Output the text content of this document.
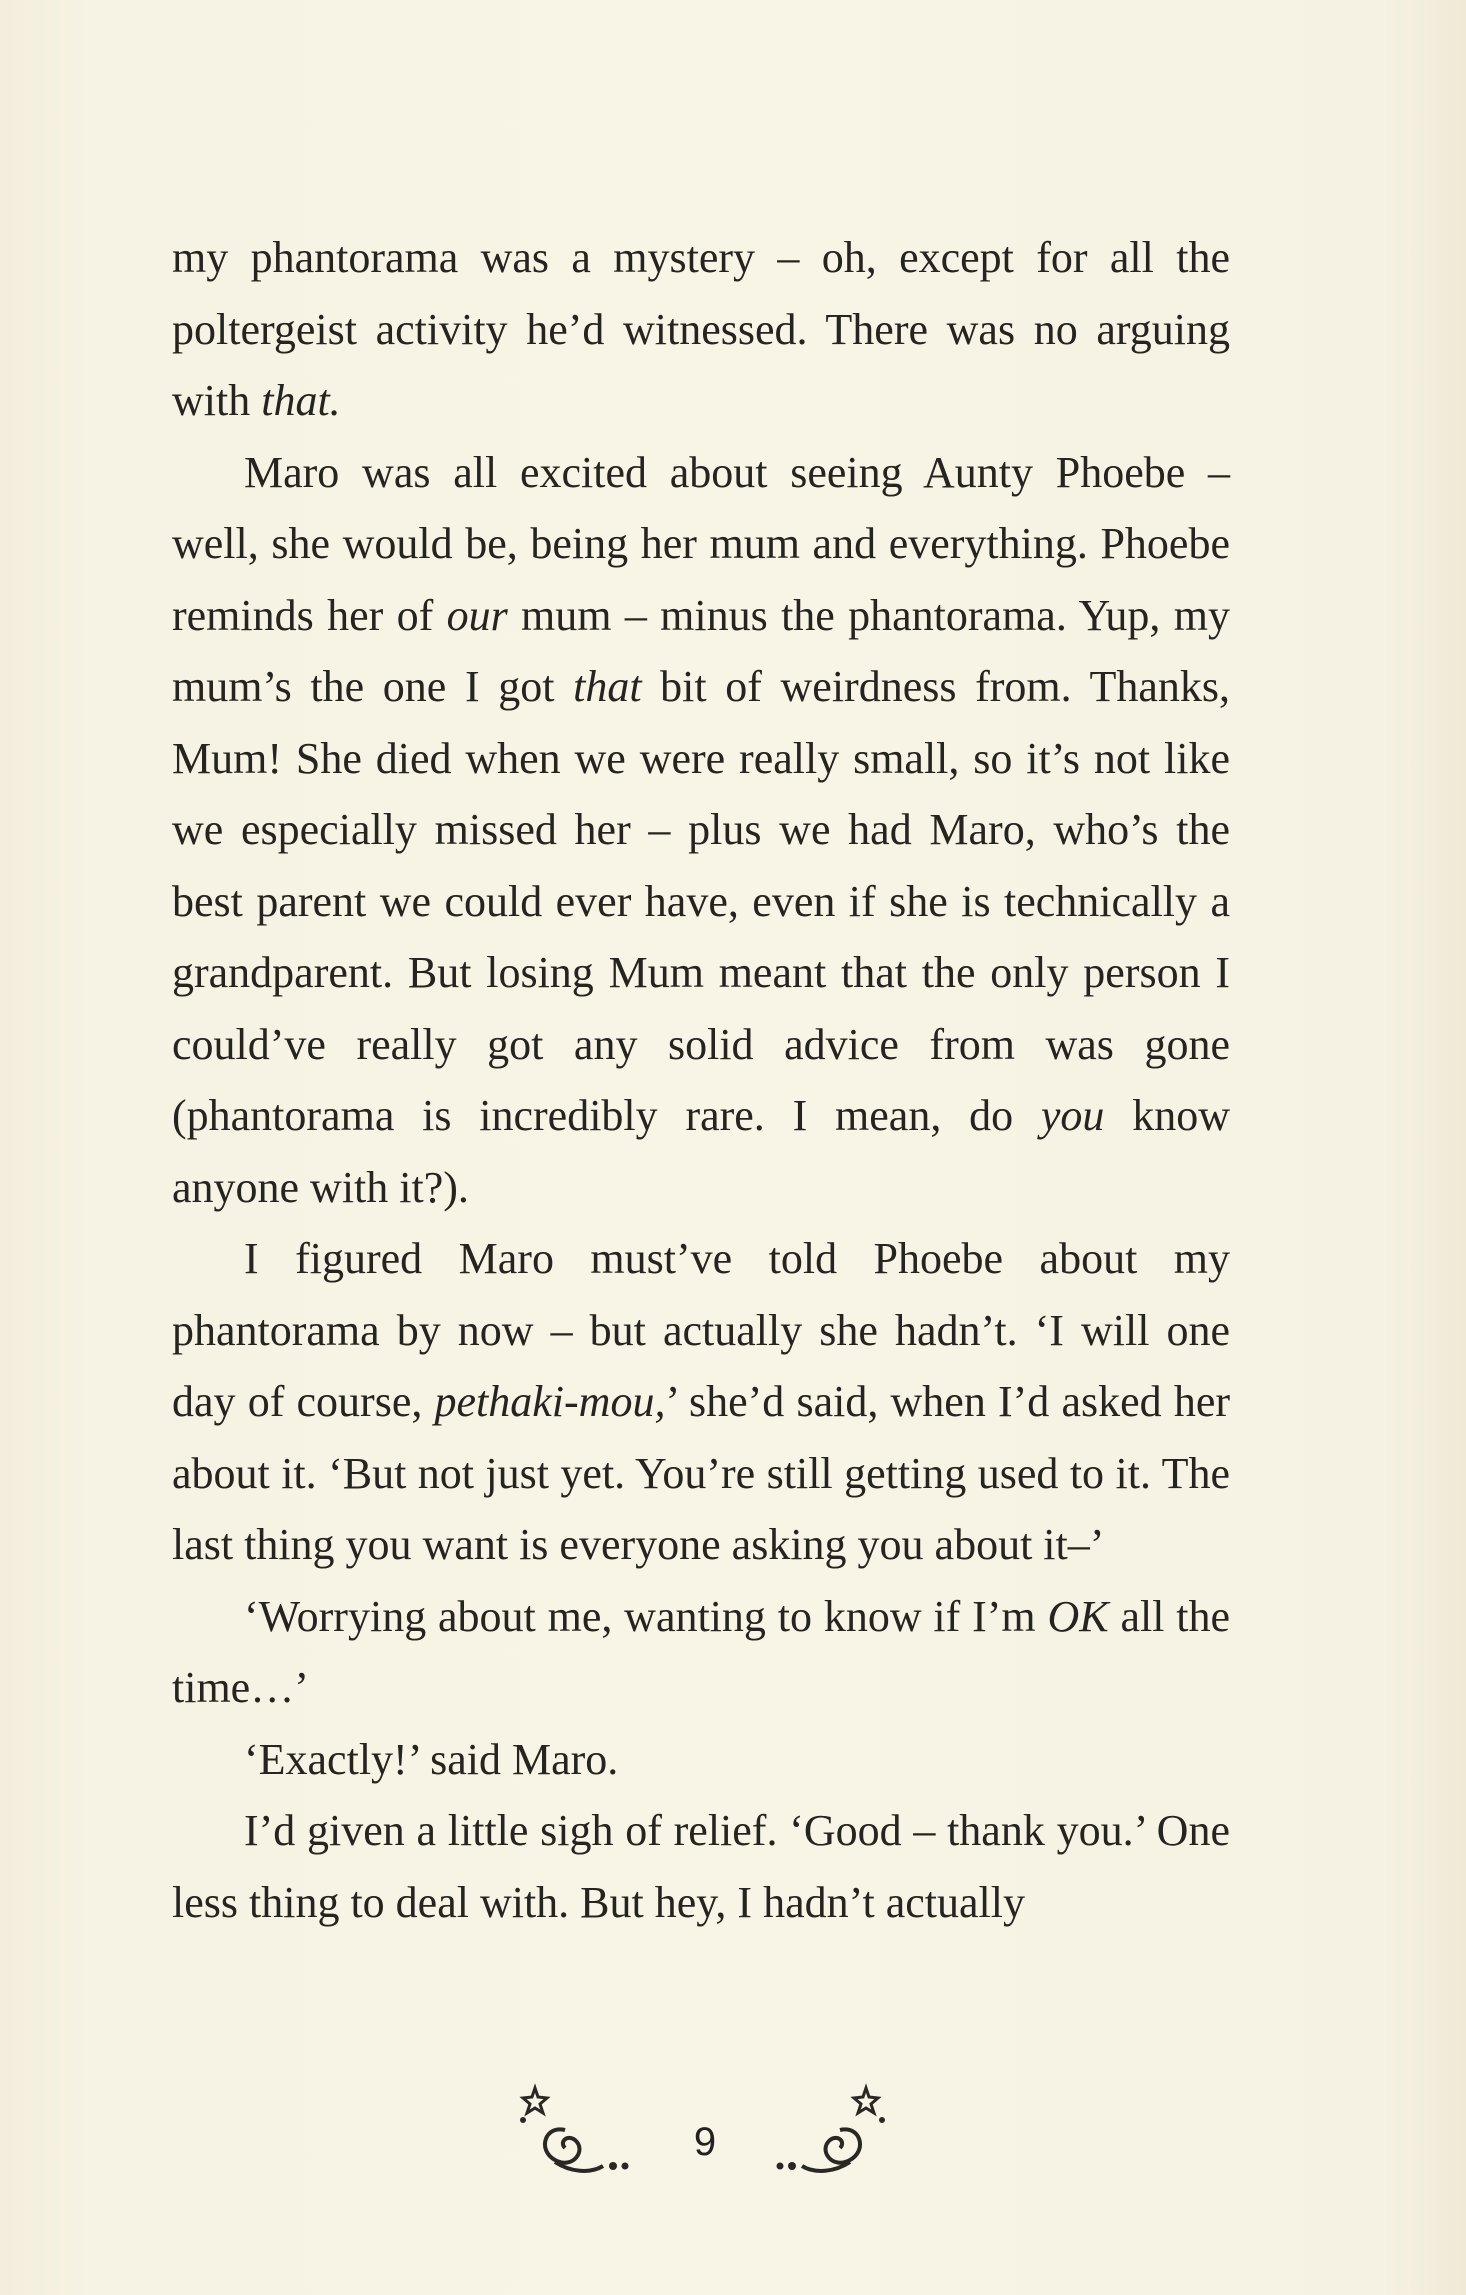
my phantorama was a mystery – oh, except for all the poltergeist activity he’d witnessed. There was no arguing with that.

Maro was all excited about seeing Aunty Phoebe – well, she would be, being her mum and everything. Phoebe reminds her of our mum – minus the phantorama. Yup, my mum’s the one I got that bit of weirdness from. Thanks, Mum! She died when we were really small, so it’s not like we especially missed her – plus we had Maro, who’s the best parent we could ever have, even if she is technically a grandparent. But losing Mum meant that the only person I could’ve really got any solid advice from was gone (phantorama is incredibly rare. I mean, do you know anyone with it?).

I figured Maro must’ve told Phoebe about my phantorama by now – but actually she hadn’t. ‘I will one day of course, pethaki-mou,’ she’d said, when I’d asked her about it. ‘But not just yet. You’re still getting used to it. The last thing you want is everyone asking you about it–’

‘Worrying about me, wanting to know if I’m OK all the time…’

‘Exactly!’ said Maro.

I’d given a little sigh of relief. ‘Good – thank you.’ One less thing to deal with. But hey, I hadn’t actually

9
